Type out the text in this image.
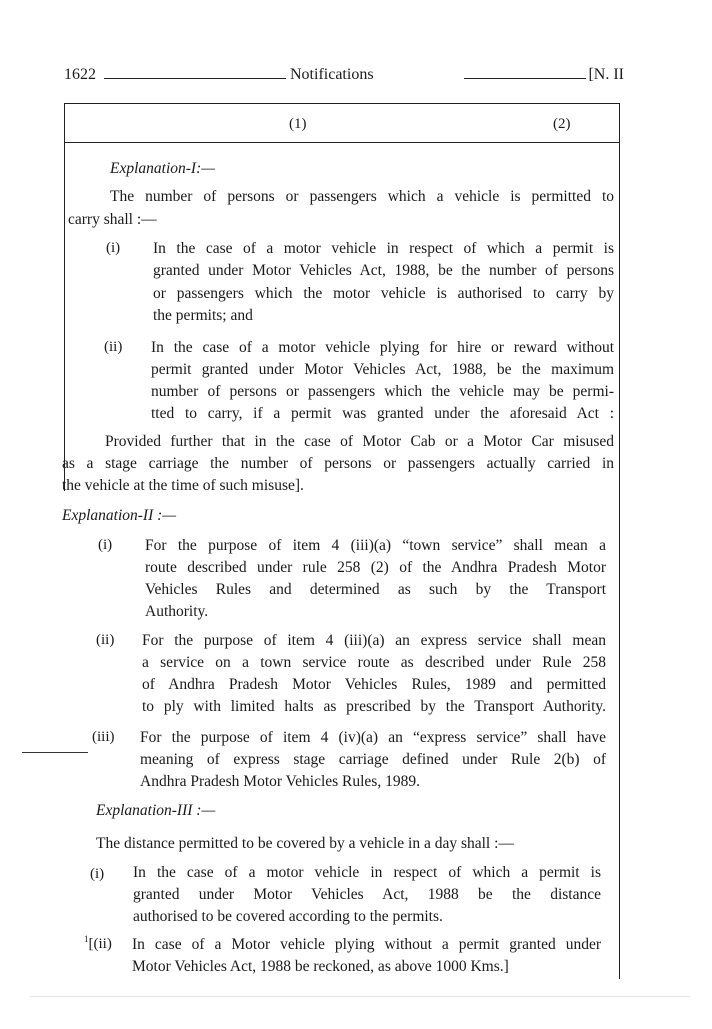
1622	Notifications	[N. II
(1)	(2)
Explanation-I:—
The number of persons or passengers which a vehicle is permitted to
carry shall :—
(i) In the case of a motor vehicle in respect of which a permit is
granted under Motor Vehicles Act, 1988, be the number of persons
or passengers which the motor vehicle is authorised to carry by
the permits; and
(ii) In the case of a motor vehicle plying for hire or reward without
permit granted under Motor Vehicles Act, 1988, be the maximum
number of persons or passengers which the vehicle may be permi-
tted to carry, if a permit was granted under the aforesaid Act :
Provided further that in the case of Motor Cab or a Motor Car misused
as a stage carriage the number of persons or passengers actually carried in
the vehicle at the time of such misuse].
Explanation-II :—
(i) For the purpose of item 4 (iii)(a) “town service” shall mean a
route described under rule 258 (2) of the Andhra Pradesh Motor
Vehicles Rules and determined as such by the Transport
Authority.
(ii) For the purpose of item 4 (iii)(a) an express service shall mean
a service on a town service route as described under Rule 258
of Andhra Pradesh Motor Vehicles Rules, 1989 and permitted
to ply with limited halts as prescribed by the Transport Authority.
(iii) For the purpose of item 4 (iv)(a) an “express service” shall have
meaning of express stage carriage defined under Rule 2(b) of
Andhra Pradesh Motor Vehicles Rules, 1989.
Explanation-III :—
The distance permitted to be covered by a vehicle in a day shall :—
(i) In the case of a motor vehicle in respect of which a permit is
granted under Motor Vehicles Act, 1988 be the distance
authorised to be covered according to the permits.
$^1$[(ii) In case of a Motor vehicle plying without a permit granted under
Motor Vehicles Act, 1988 be reckoned, as above 1000 Kms.]
